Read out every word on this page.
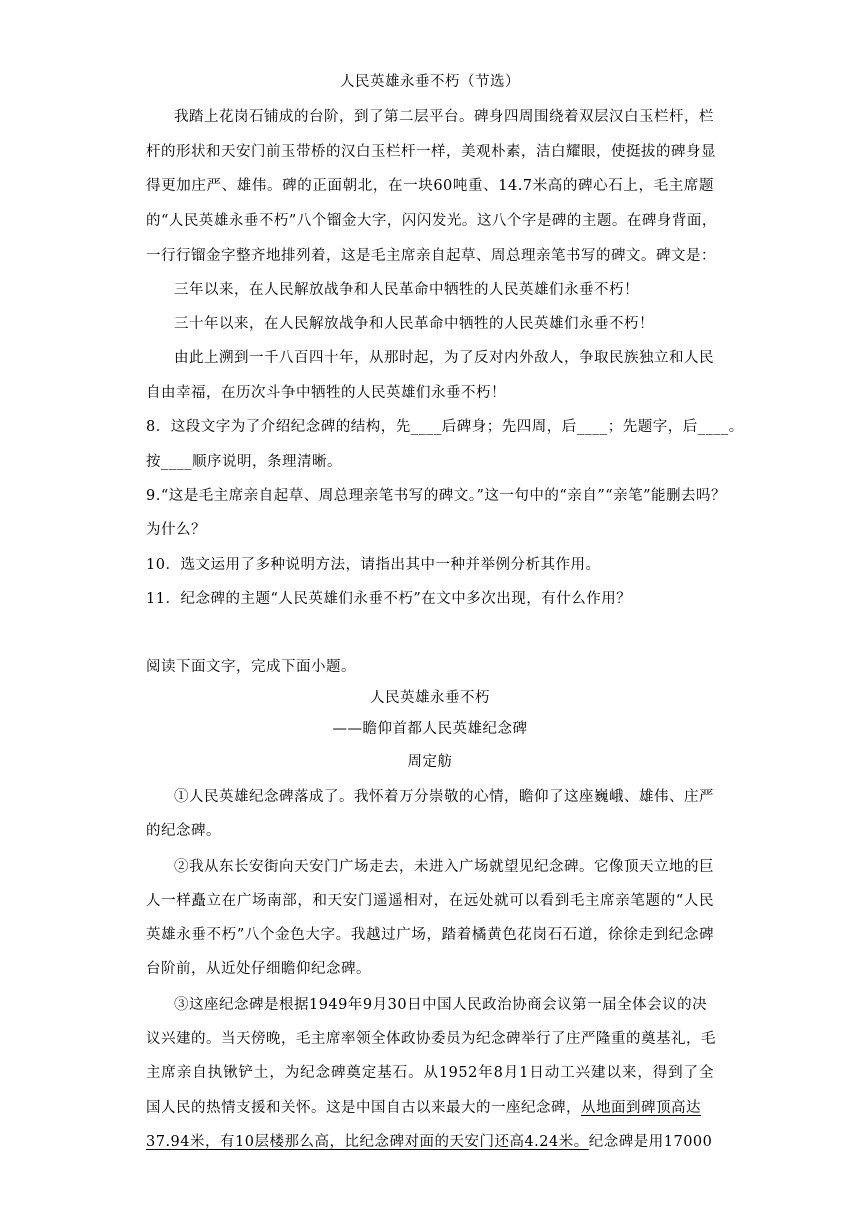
人民英雄永垂不朽（节选）
我踏上花岗石铺成的台阶，到了第二层平台。碑身四周围绕着双层汉白玉栏杆，栏
杆的形状和天安门前玉带桥的汉白玉栏杆一样，美观朴素，洁白耀眼，使挺拔的碑身显
得更加庄严、雄伟。碑的正面朝北，在一块60吨重、14.7米高的碑心石上，毛主席题
的“人民英雄永垂不朽”八个镏金大字，闪闪发光。这八个字是碑的主题。在碑身背面，
一行行镏金字整齐地排列着，这是毛主席亲自起草、周总理亲笔书写的碑文。碑文是：
三年以来，在人民解放战争和人民革命中牺牲的人民英雄们永垂不朽！
三十年以来，在人民解放战争和人民革命中牺牲的人民英雄们永垂不朽！
由此上溯到一千八百四十年，从那时起，为了反对内外敌人，争取民族独立和人民
自由幸福，在历次斗争中牺牲的人民英雄们永垂不朽！
8．这段文字为了介绍纪念碑的结构，先____后碑身；先四周，后____；先题字，后____。
按____顺序说明，条理清晰。
9.“这是毛主席亲自起草、周总理亲笔书写的碑文。”这一句中的“亲自”“亲笔”能删去吗？
为什么？
10．选文运用了多种说明方法，请指出其中一种并举例分析其作用。
11．纪念碑的主题“人民英雄们永垂不朽”在文中多次出现，有什么作用？
阅读下面文字，完成下面小题。
人民英雄永垂不朽
——瞻仰首都人民英雄纪念碑
周定舫
①人民英雄纪念碑落成了。我怀着万分崇敬的心情，瞻仰了这座巍峨、雄伟、庄严
的纪念碑。
②我从东长安街向天安门广场走去，未进入广场就望见纪念碑。它像顶天立地的巨
人一样矗立在广场南部，和天安门遥遥相对，在远处就可以看到毛主席亲笔题的“人民
英雄永垂不朽”八个金色大字。我越过广场，踏着橘黄色花岗石石道，徐徐走到纪念碑
台阶前，从近处仔细瞻仰纪念碑。
③这座纪念碑是根据1949年9月30日中国人民政治协商会议第一届全体会议的决
议兴建的。当天傍晚，毛主席率领全体政协委员为纪念碑举行了庄严隆重的奠基礼，毛
主席亲自执锹铲土，为纪念碑奠定基石。从1952年8月1日动工兴建以来，得到了全
国人民的热情支援和关怀。这是中国自古以来最大的一座纪念碑，从地面到碑顶高达
37.94米，有10层楼那么高，比纪念碑对面的天安门还高4.24米。纪念碑是用17000
